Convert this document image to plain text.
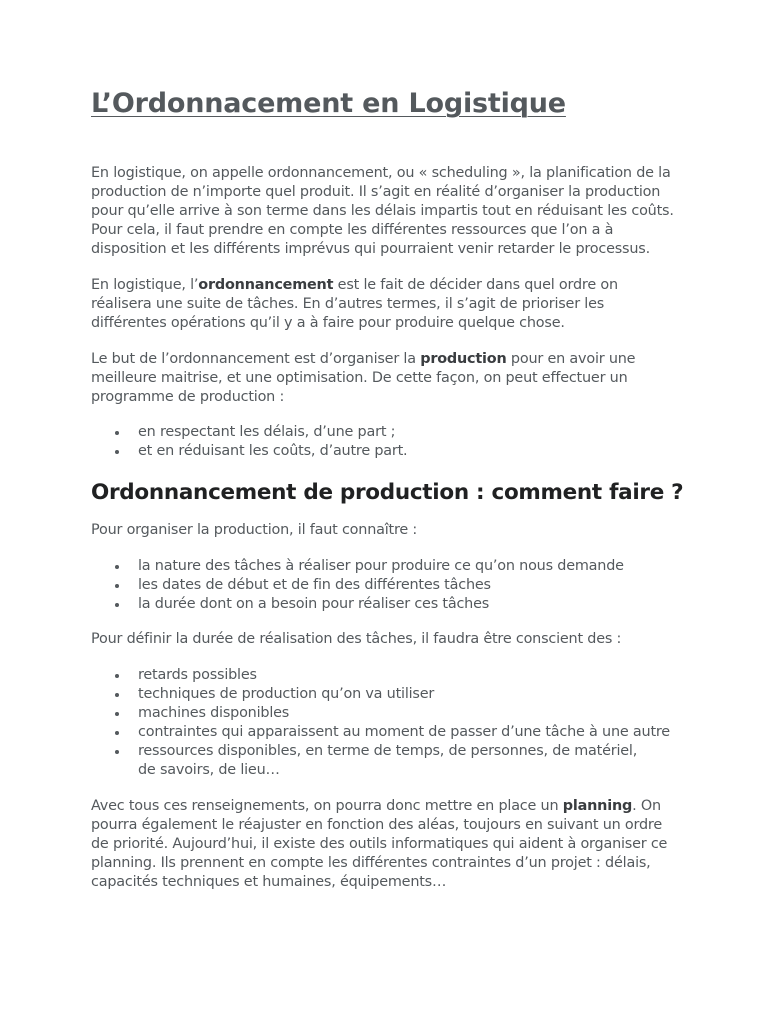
L’Ordonnacement en Logistique

En logistique, on appelle ordonnancement, ou « scheduling », la planification de la production de n’importe quel produit. Il s’agit en réalité d’organiser la production pour qu’elle arrive à son terme dans les délais impartis tout en réduisant les coûts. Pour cela, il faut prendre en compte les différentes ressources que l’on a à disposition et les différents imprévus qui pourraient venir retarder le processus.

En logistique, l’ordonnancement est le fait de décider dans quel ordre on réalisera une suite de tâches. En d’autres termes, il s’agit de prioriser les différentes opérations qu’il y a à faire pour produire quelque chose.

Le but de l’ordonnancement est d’organiser la production pour en avoir une meilleure maitrise, et une optimisation. De cette façon, on peut effectuer un programme de production :

en respectant les délais, d’une part ;
et en réduisant les coûts, d’autre part.
Ordonnancement de production : comment faire ?

Pour organiser la production, il faut connaître :

la nature des tâches à réaliser pour produire ce qu’on nous demande
les dates de début et de fin des différentes tâches
la durée dont on a besoin pour réaliser ces tâches

Pour définir la durée de réalisation des tâches, il faudra être conscient des :

retards possibles
techniques de production qu’on va utiliser
machines disponibles
contraintes qui apparaissent au moment de passer d’une tâche à une autre
ressources disponibles, en terme de temps, de personnes, de matériel, de savoirs, de lieu…

Avec tous ces renseignements, on pourra donc mettre en place un planning. On pourra également le réajuster en fonction des aléas, toujours en suivant un ordre de priorité. Aujourd’hui, il existe des outils informatiques qui aident à organiser ce planning. Ils prennent en compte les différentes contraintes d’un projet : délais, capacités techniques et humaines, équipements…
